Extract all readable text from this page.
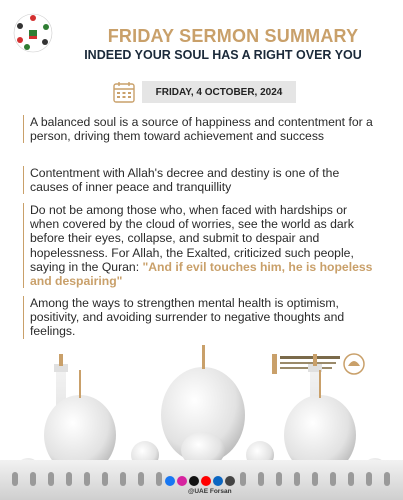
FRIDAY SERMON SUMMARY
INDEED YOUR SOUL HAS A RIGHT OVER YOU
FRIDAY, 4 OCTOBER, 2024
A balanced soul is a source of happiness and contentment for a person, driving them toward achievement and success
Contentment with Allah's decree and destiny is one of the causes of inner peace and tranquillity
Do not be among those who, when faced with hardships or when covered by the cloud of worries, see the world as dark before their eyes, collapse, and submit to despair and hopelessness. For Allah, the Exalted, criticized such people, saying in the Quran: "And if evil touches him, he is hopeless and despairing"
Among the ways to strengthen mental health is optimism, positivity, and avoiding surrender to negative thoughts and feelings.
@UAE Forsan
